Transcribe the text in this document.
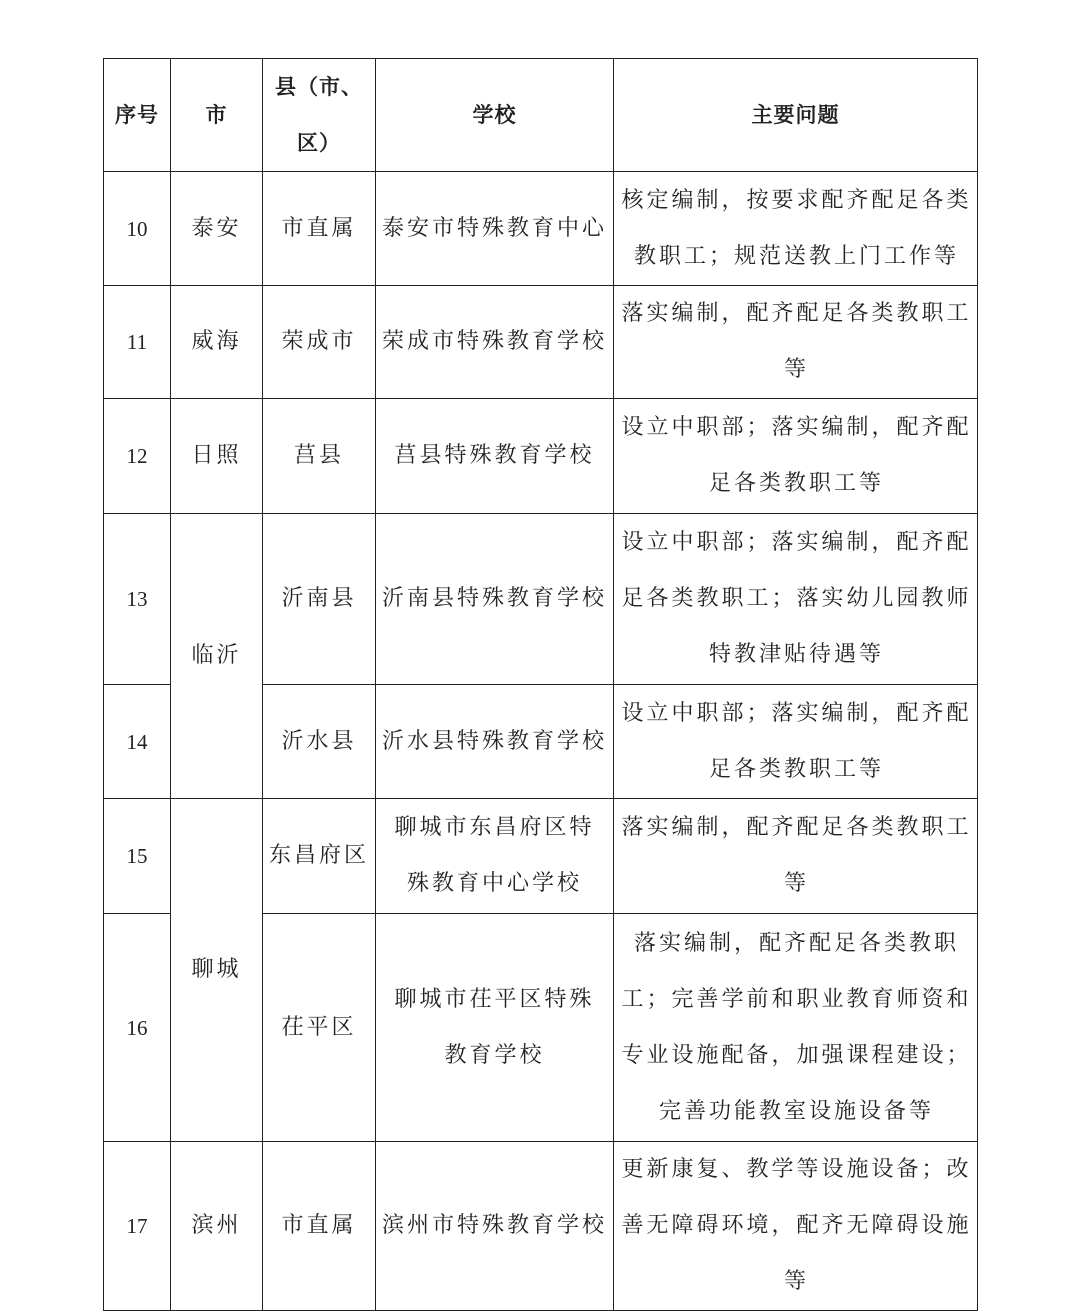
序号	市	县（市、区）	学校	主要问题
10	泰安	市直属	泰安市特殊教育中心	核定编制，按要求配齐配足各类教职工；规范送教上门工作等
11	威海	荣成市	荣成市特殊教育学校	落实编制，配齐配足各类教职工等
12	日照	莒县	莒县特殊教育学校	设立中职部；落实编制，配齐配足各类教职工等
13	临沂	沂南县	沂南县特殊教育学校	设立中职部；落实编制，配齐配足各类教职工；落实幼儿园教师特教津贴待遇等
14		沂水县	沂水县特殊教育学校	设立中职部；落实编制，配齐配足各类教职工等
15	聊城	东昌府区	聊城市东昌府区特殊教育中心学校	落实编制，配齐配足各类教职工等
16		茌平区	聊城市茌平区特殊教育学校	落实编制，配齐配足各类教职工；完善学前和职业教育师资和专业设施配备，加强课程建设；完善功能教室设施设备等
17	滨州	市直属	滨州市特殊教育学校	更新康复、教学等设施设备；改善无障碍环境，配齐无障碍设施等
